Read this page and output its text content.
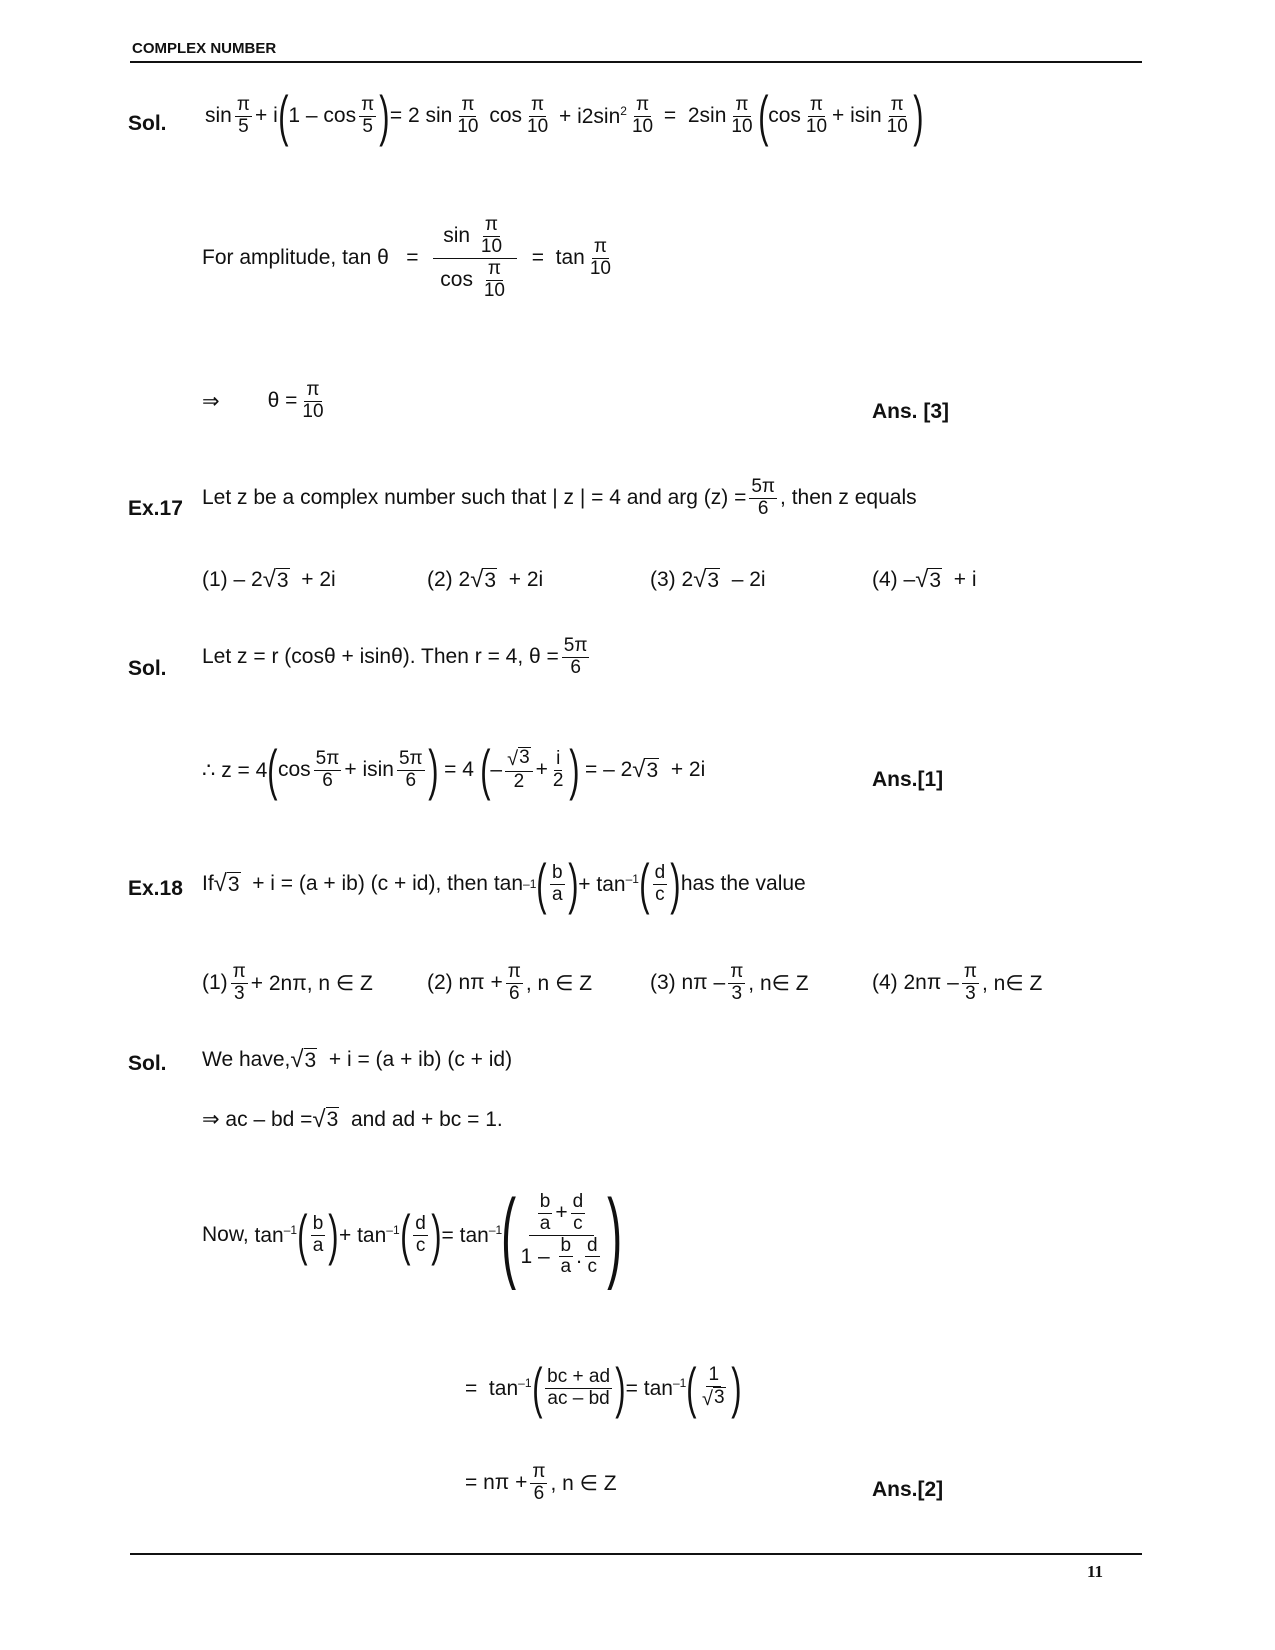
COMPLEX NUMBER
Sol. $\sin \frac{\pi}{5} + i$ ( $1 - \cos \frac{\pi}{5}$ ) = 2 $\sin \frac{\pi}{10}$ $\cos \frac{\pi}{10} + i2\sin^2 \frac{\pi}{10} = 2\sin \frac{\pi}{10}$ ( $\cos \frac{\pi}{10} + isin \frac{\pi}{10}$ )
For amplitude, $\tan \theta = \frac{\sin \frac{\pi}{10}}{\cos \frac{\pi}{10}} = \tan \frac{\pi}{10}$
⇒ $\theta = \frac{\pi}{10}$	Ans. [3]
Ex.17 Let z be a complex number such that | z | = 4 and arg $(z) = \frac{5\pi}{6}$ , then z equals
(1) – 2 √ 3
+ 2i	(2) 2 √ 3
+ 2i	(3) 2 √ 3
– 2i	(4) – √ 3
+ i
Sol.
Let z = r (cosθ + isinθ). Then r = 4, $\theta = \frac{5\pi}{6}$
∴ z = 4 ( $\cos \frac{5\pi}{6} + isin \frac{5\pi}{6}$ ) = 4 ( – $\frac{√ 3}{2} + \frac{i}{2}$ )
= – 2 √ 3
+ 2i	Ans.[1]
Ex.18 If √ 3
+ i = (a + ib) (c + id), then tan –1 ( $\frac{b}{a}$ ) + $\tan^{-1}$ ( $\frac{d}{c}$ ) has the value
$(1) \frac{\pi}{3} + 2n\pi$, n ∈ Z	(2) $n\pi + \frac{\pi}{6}$ , n ∈ Z	(3) nπ – $\frac{\pi}{3}$ , n∈ Z	(4) $2n\pi - \frac{\pi}{3}$ , n∈ Z
Sol. We have, √ 3
+ i = (a + ib) (c + id)
⇒ ac – bd = √ 3
and ad + bc = 1.
Now, $\tan^{-1}$ ( $\frac{b}{a}$ ) + $\tan^{-1}$ ( $\frac{d}{c}$ ) = $\tan^{-1}$ ( $\frac{\frac{b}{a} + \frac{d}{c}}{1 - \frac{b}{a} . \frac{d}{c}}$ )
=  $\tan^{-1}$ ( $\frac{bc + ad}{ac - bd}$ ) = $\tan^{-1}$ ( $\frac{1}{√ 3}$ )
= $n\pi + \frac{\pi}{6}$ , n ∈ Z	Ans.[2]
11
